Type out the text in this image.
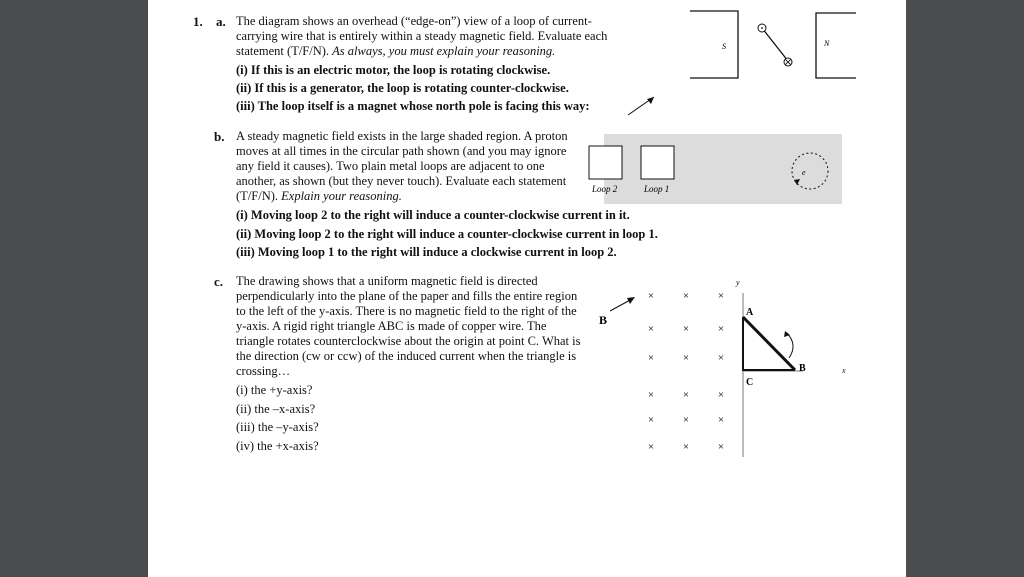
1. a. The diagram shows an overhead (“edge-on”) view of a loop of current-carrying wire that is entirely within a steady magnetic field. Evaluate each statement (T/F/N). As always, you must explain your reasoning.
(i) If this is an electric motor, the loop is rotating clockwise.
(ii) If this is a generator, the loop is rotating counter-clockwise.
(iii) The loop itself is a magnet whose north pole is facing this way:
S	N
b. A steady magnetic field exists in the large shaded region. A proton moves at all times in the circular path shown (and you may ignore any field it causes). Two plain metal loops are adjacent to one another, as shown (but they never touch). Evaluate each statement (T/F/N). Explain your reasoning.	Loop 2	Loop 1
e
(i) Moving loop 2 to the right will induce a counter-clockwise current in it.
(ii) Moving loop 2 to the right will induce a counter-clockwise current in loop 1.
(iii) Moving loop 1 to the right will induce a clockwise current in loop 2.
c. The drawing shows that a uniform magnetic field is directed perpendicularly into the plane of the paper and fills the entire region to the left of the y-axis. There is no magnetic field to the right of the y-axis. A rigid right triangle ABC is made of copper wire. The triangle rotates counterclockwise about the origin at point C. What is the direction (cw or ccw) of the induced current when the triangle is crossing…
(i) the +y-axis?
(ii) the –x-axis?
(iii) the –y-axis?
(iv) the +x-axis?
B
×	×	×
×	×	×
×	×	×
×	×	×
×	×	×
×	×	×
A
B
C
y
x
